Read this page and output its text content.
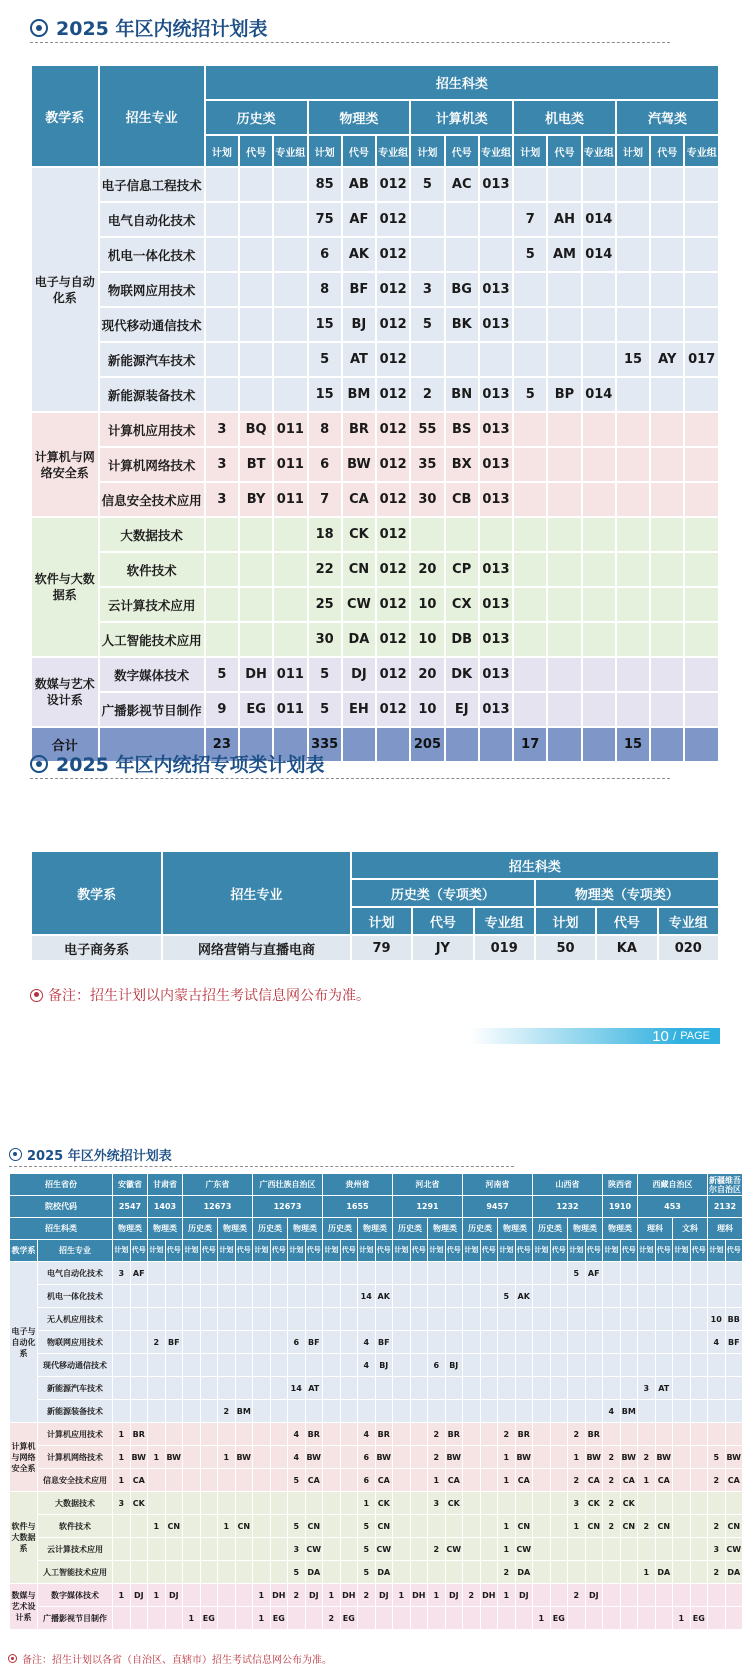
2025 年区内统招计划表
教学系	招生专业	招生科类														
		历史类			物理类			计算机类			机电类			汽驾类		
		计划	代号	专业组	计划	代号	专业组	计划	代号	专业组	计划	代号	专业组	计划	代号	专业组
电子与自动化系	电子信息工程技术				85	AB	012	5	AC	013						
	电气自动化技术				75	AF	012				7	AH	014			
	机电一体化技术				6	AK	012				5	AM	014			
	物联网应用技术				8	BF	012	3	BG	013						
	现代移动通信技术				15	BJ	012	5	BK	013						
	新能源汽车技术				5	AT	012							15	AY	017
	新能源装备技术				15	BM	012	2	BN	013	5	BP	014			
计算机与网络安全系	计算机应用技术	3	BQ	011	8	BR	012	55	BS	013						
	计算机网络技术	3	BT	011	6	BW	012	35	BX	013						
	信息安全技术应用	3	BY	011	7	CA	012	30	CB	013						
软件与大数据系	大数据技术				18	CK	012									
	软件技术				22	CN	012	20	CP	013						
	云计算技术应用				25	CW	012	10	CX	013						
	人工智能技术应用				30	DA	012	10	DB	013						
数媒与艺术设计系	数字媒体技术	5	DH	011	5	DJ	012	20	DK	013						
	广播影视节目制作	9	EG	011	5	EH	012	10	EJ	013						
合计		23			335			205			17			15		
2025 年区内统招专项类计划表
教学系	招生专业	招生科类					
		历史类（专项类）			物理类（专项类）		
		计划	代号	专业组	计划	代号	专业组
电子商务系	网络营销与直播电商	79	JY	019	50	KA	020
备注：招生计划以内蒙古招生考试信息网公布为准。
10 / PAGE
2025 年区外统招计划表
招生省份		安徽省		甘肃省		广东省				广西壮族自治区				贵州省				河北省				河南省				山西省				陕西省		西藏自治区				新疆维吾尔自治区		
院校代码		2547		1403		12673				12673				1655				1291				9457				1232				1910		453				2132		
招生科类		物理类		物理类		历史类		物理类		历史类		物理类		历史类		物理类		历史类		物理类		历史类		物理类		历史类		物理类		物理类		理科		文科		理科		
教学系	招生专业	计划	代号	计划	代号	计划	代号	计划	代号	计划	代号	计划	代号	计划	代号	计划	代号	计划	代号	计划	代号	计划	代号	计划	代号	计划	代号	计划	代号	计划	代号	计划	代号	计划	代号	计划	代号	
电子与自动化系	电气自动化技术	3	AF																									5	AF										
	机电一体化技术															14	AK							5	AK													
	无人机应用技术																																			10	BB	
	物联网应用技术			2	BF							6	BF			4	BF																			4	BF	
	现代移动通信技术															4	BJ			6	BJ																	
	新能源汽车技术											14	AT																			3	AT					
	新能源装备技术							2	BM																					4	BM							
计算机与网络安全系	计算机应用技术	1	BR									4	BR			4	BR			2	BR			2	BR			2	BR									
	计算机网络技术	1	BW	1	BW			1	BW			4	BW			6	BW			2	BW			1	BW			1	BW	2	BW	2	BW			5	BW	
	信息安全技术应用	1	CA									5	CA			6	CA			1	CA			1	CA			2	CA	2	CA	1	CA			2	CA	
软件与大数据系	大数据技术	3	CK													1	CK			3	CK							3	CK	2	CK							
	软件技术			1	CN			1	CN			5	CN			5	CN							1	CN			1	CN	2	CN	2	CN			2	CN	
	云计算技术应用											3	CW			5	CW			2	CW			1	CW											3	CW	
	人工智能技术应用											5	DA			5	DA							2	DA							1	DA			2	DA	
数媒与艺术设计系	数字媒体技术	1	DJ	1	DJ					1	DH	2	DJ	1	DH	2	DJ	1	DH	1	DJ	2	DH	1	DJ			2	DJ									
	广播影视节目制作					1	EG			1	EG			2	EG											1	EG							1	EG			
备注：招生计划以各省（自治区、直辖市）招生考试信息网公布为准。
